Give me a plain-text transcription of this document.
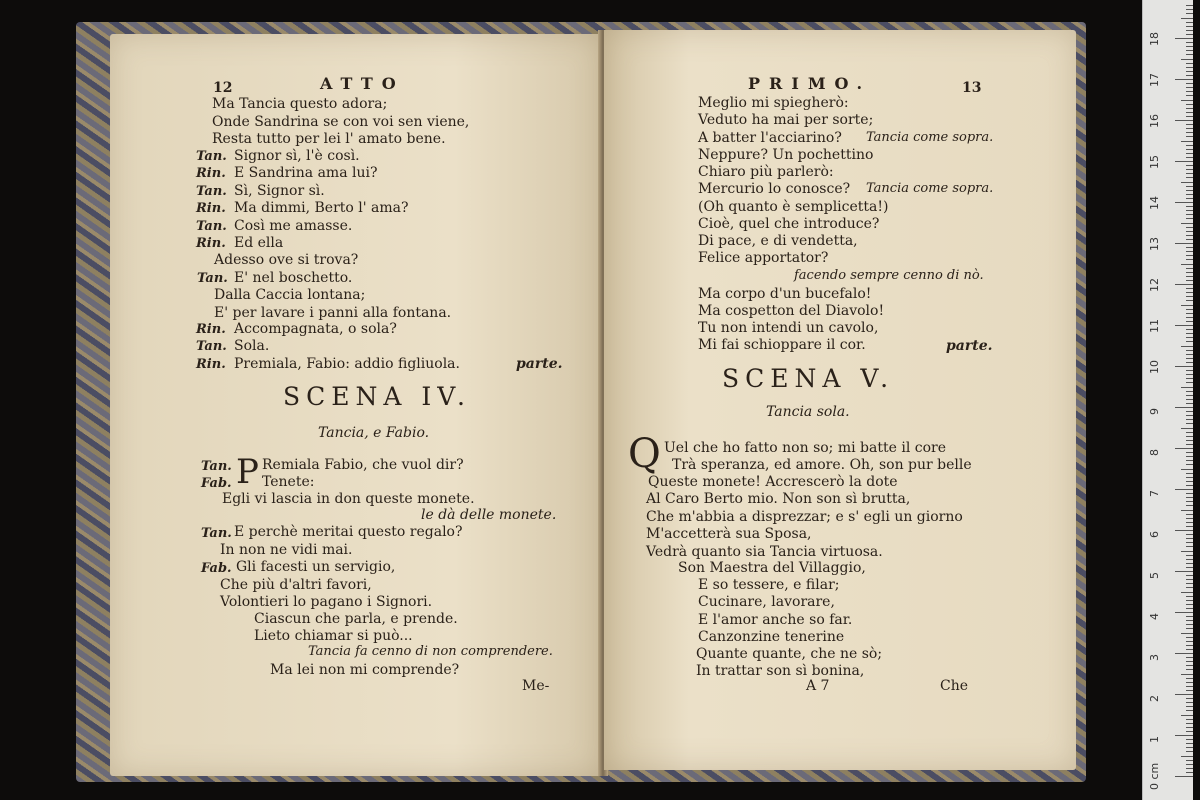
12	ATTO
Ma Tancia questo adora;
Onde Sandrina se con voi sen viene,
Resta tutto per lei l' amato bene.
Tan. Signor sì, l'è così.
Rin. E Sandrina ama lui?
Tan. Sì, Signor sì.
Rin. Ma dimmi, Berto l' ama?
Tan. Così me amasse.
Rin. Ed ella
Adesso ove si trova?
E' nel boschetto.
Tan.
Dalla Caccia lontana;
E' per lavare i panni alla fontana.
Rin. Accompagnata, o sola?
Tan. Sola.
Rin. Premiala, Fabio: addio figliuola.	parte.
SCENA IV.
Tancia, e Fabio.
Tan. P Remiala Fabio, che vuol dir?
Fab. Tenete:
Egli vi lascia in don queste monete.
le dà delle monete.
Tan. E perchè meritai questo regalo?
In non ne vidi mai.
Fab. Gli facesti un servigio,
Che più d'altri favori,
Volontieri lo pagano i Signori.
Ciascun che parla, e prende.
Lieto chiamar si può...
Tancia fa cenno di non comprendere.
Ma lei non mi comprende?
Me-
PRIMO.	13
Meglio mi spiegherò:
Veduto ha mai per sorte;
A batter l'acciarino? Tancia come sopra.
Neppure? Un pochettino
Chiaro più parlerò:
Mercurio lo conosce? Tancia come sopra.
(Oh quanto è semplicetta!)
Cioè, quel che introduce?
Di pace, e di vendetta,
Felice apportator?
facendo sempre cenno di nò.
Ma corpo d'un bucefalo!
Ma cospetton del Diavolo!
Tu non intendi un cavolo,
Mi fai schioppare il cor.	parte.
SCENA V.
Tancia sola.
Q Uel che ho fatto non so; mi batte il core
Trà speranza, ed amore. Oh, son pur belle
Queste monete! Accrescerò la dote
Al Caro Berto mio. Non son sì brutta,
Che m'abbia a disprezzar; e s' egli un giorno
M'accetterà sua Sposa,
Vedrà quanto sia Tancia virtuosa.
Son Maestra del Villaggio,
E so tessere, e filar;
Cucinare, lavorare,
E l'amor anche so far.
Canzonzine tenerine
Quante quante, che ne sò;
In trattar son sì bonina,
A 7	Che
0 cm
1
2
3
4
5
6
7
8
9
10
11
12
13
14
15
16
17
18
